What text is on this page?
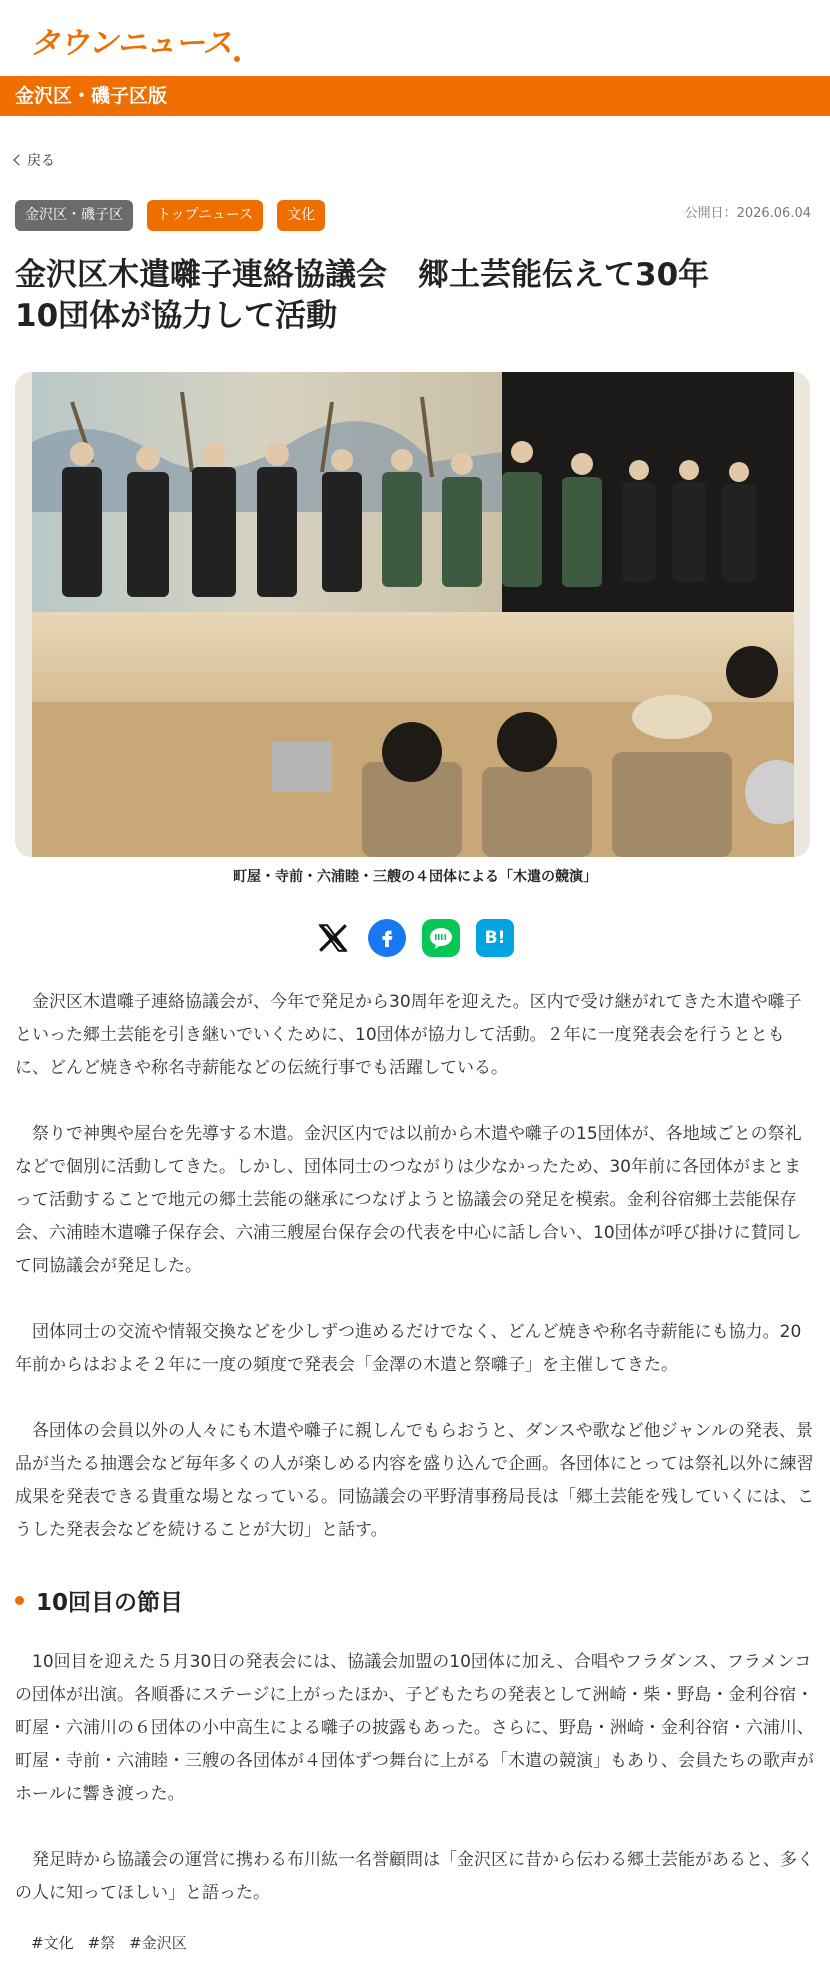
タウンニュース
金沢区・磯子区版
戻る
金沢区・磯子区	トップニュース	文化	公開日：2026.06.04
金沢区木遣囃子連絡協議会　郷土芸能伝えて30年
10団体が協力して活動
町屋・寺前・六浦睦・三艘の４団体による「木遣の競演」
B!

金沢区木遣囃子連絡協議会が、今年で発足から30周年を迎えた。区内で受け継がれてきた木遣や囃子といった郷土芸能を引き継いでいくために、10団体が協力して活動。２年に一度発表会を行うとともに、どんど焼きや称名寺薪能などの伝統行事でも活躍している。

祭りで神輿や屋台を先導する木遣。金沢区内では以前から木遣や囃子の15団体が、各地域ごとの祭礼などで個別に活動してきた。しかし、団体同士のつながりは少なかったため、30年前に各団体がまとまって活動することで地元の郷土芸能の継承につなげようと協議会の発足を模索。金利谷宿郷土芸能保存会、六浦睦木遣囃子保存会、六浦三艘屋台保存会の代表を中心に話し合い、10団体が呼び掛けに賛同して同協議会が発足した。

団体同士の交流や情報交換などを少しずつ進めるだけでなく、どんど焼きや称名寺薪能にも協力。20年前からはおよそ２年に一度の頻度で発表会「金澤の木遣と祭囃子」を主催してきた。

各団体の会員以外の人々にも木遣や囃子に親しんでもらおうと、ダンスや歌など他ジャンルの発表、景品が当たる抽選会など毎年多くの人が楽しめる内容を盛り込んで企画。各団体にとっては祭礼以外に練習成果を発表できる貴重な場となっている。同協議会の平野清事務局長は「郷土芸能を残していくには、こうした発表会などを続けることが大切」と話す。

10回目の節目

10回目を迎えた５月30日の発表会には、協議会加盟の10団体に加え、合唱やフラダンス、フラメンコの団体が出演。各順番にステージに上がったほか、子どもたちの発表として洲崎・柴・野島・金利谷宿・町屋・六浦川の６団体の小中高生による囃子の披露もあった。さらに、野島・洲崎・金利谷宿・六浦川、町屋・寺前・六浦睦・三艘の各団体が４団体ずつ舞台に上がる「木遣の競演」もあり、会員たちの歌声がホールに響き渡った。

発足時から協議会の運営に携わる布川紘一名誉顧問は「金沢区に昔から伝わる郷土芸能があると、多くの人に知ってほしい」と語った。

#文化 #祭 #金沢区
